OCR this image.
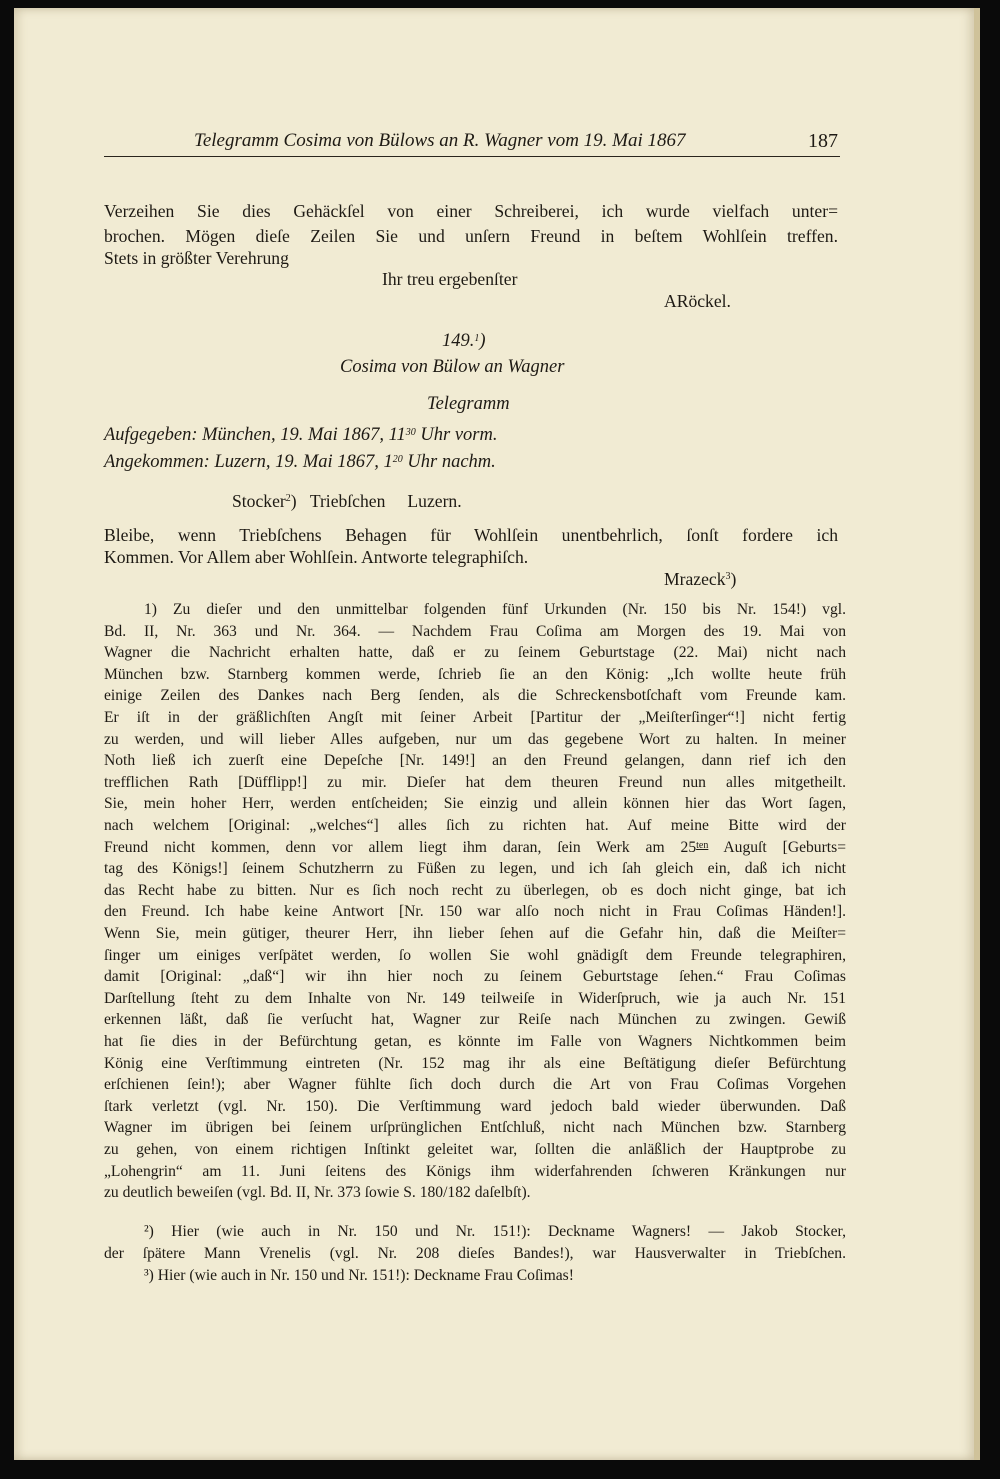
Telegramm Cosima von Bülows an R. Wagner vom 19. Mai 1867	187
Verzeihen Sie dies Gehäckſel von einer Schreiberei, ich wurde vielfach unter=
brochen. Mögen dieſe Zeilen Sie und unſern Freund in beſtem Wohlſein treffen.
Stets in größter Verehrung
Ihr treu ergebenſter
ARöckel.
149.$^1$)
Cosima von Bülow an Wagner
Telegramm
Aufgegeben: München, 19. Mai 1867, $11^{30}$ Uhr vorm.
Angekommen: Luzern, 19. Mai 1867, $1^{20}$ Uhr nachm.
Stocker$^2$) Triebſchen Luzern.
Bleibe, wenn Triebſchens Behagen für Wohlſein unentbehrlich, ſonſt fordere ich
Kommen. Vor Allem aber Wohlſein. Antworte telegraphiſch.
Mrazeck$^3$)
1) Zu dieſer und den unmittelbar folgenden fünf Urkunden (Nr. 150 bis Nr. 154!) vgl.
Bd. II, Nr. 363 und Nr. 364. — Nachdem Frau Coſima am Morgen des 19. Mai von
Wagner die Nachricht erhalten hatte, daß er zu ſeinem Geburtstage (22. Mai) nicht nach
München bzw. Starnberg kommen werde, ſchrieb ſie an den König: „Ich wollte heute früh
einige Zeilen des Dankes nach Berg ſenden, als die Schreckensbotſchaft vom Freunde kam.
Er iſt in der gräßlichſten Angſt mit ſeiner Arbeit [Partitur der „Meiſterſinger“!] nicht fertig
zu werden, und will lieber Alles aufgeben, nur um das gegebene Wort zu halten. In meiner
Noth ließ ich zuerſt eine Depeſche [Nr. 149!] an den Freund gelangen, dann rief ich den
trefflichen Rath [Düfflipp!] zu mir. Dieſer hat dem theuren Freund nun alles mitgetheilt.
Sie, mein hoher Herr, werden entſcheiden; Sie einzig und allein können hier das Wort ſagen,
nach welchem [Original: „welches“] alles ſich zu richten hat. Auf meine Bitte wird der
Freund nicht kommen, denn vor allem liegt ihm daran, ſein Werk am $25^{ten}$ Auguſt [Geburts=
tag des Königs!] ſeinem Schutzherrn zu Füßen zu legen, und ich ſah gleich ein, daß ich nicht
das Recht habe zu bitten. Nur es ſich noch recht zu überlegen, ob es doch nicht ginge, bat ich
den Freund. Ich habe keine Antwort [Nr. 150 war alſo noch nicht in Frau Coſimas Händen!].
Wenn Sie, mein gütiger, theurer Herr, ihn lieber ſehen auf die Gefahr hin, daß die Meiſter=
ſinger um einiges verſpätet werden, ſo wollen Sie wohl gnädigſt dem Freunde telegraphiren,
damit [Original: „daß“] wir ihn hier noch zu ſeinem Geburtstage ſehen.“ Frau Coſimas
Darſtellung ſteht zu dem Inhalte von Nr. 149 teilweiſe in Widerſpruch, wie ja auch Nr. 151
erkennen läßt, daß ſie verſucht hat, Wagner zur Reiſe nach München zu zwingen. Gewiß
hat ſie dies in der Befürchtung getan, es könnte im Falle von Wagners Nichtkommen beim
König eine Verſtimmung eintreten (Nr. 152 mag ihr als eine Beſtätigung dieſer Befürchtung
erſchienen ſein!); aber Wagner fühlte ſich doch durch die Art von Frau Coſimas Vorgehen
ſtark verletzt (vgl. Nr. 150). Die Verſtimmung ward jedoch bald wieder überwunden. Daß
Wagner im übrigen bei ſeinem urſprünglichen Entſchluß, nicht nach München bzw. Starnberg
zu gehen, von einem richtigen Inſtinkt geleitet war, ſollten die anläßlich der Hauptprobe zu
„Lohengrin“ am 11. Juni ſeitens des Königs ihm widerfahrenden ſchweren Kränkungen nur
zu deutlich beweiſen (vgl. Bd. II, Nr. 373 ſowie S. 180/182 daſelbſt).
²) Hier (wie auch in Nr. 150 und Nr. 151!): Deckname Wagners! — Jakob Stocker,
der ſpätere Mann Vrenelis (vgl. Nr. 208 dieſes Bandes!), war Hausverwalter in Triebſchen.
³) Hier (wie auch in Nr. 150 und Nr. 151!): Deckname Frau Coſimas!
